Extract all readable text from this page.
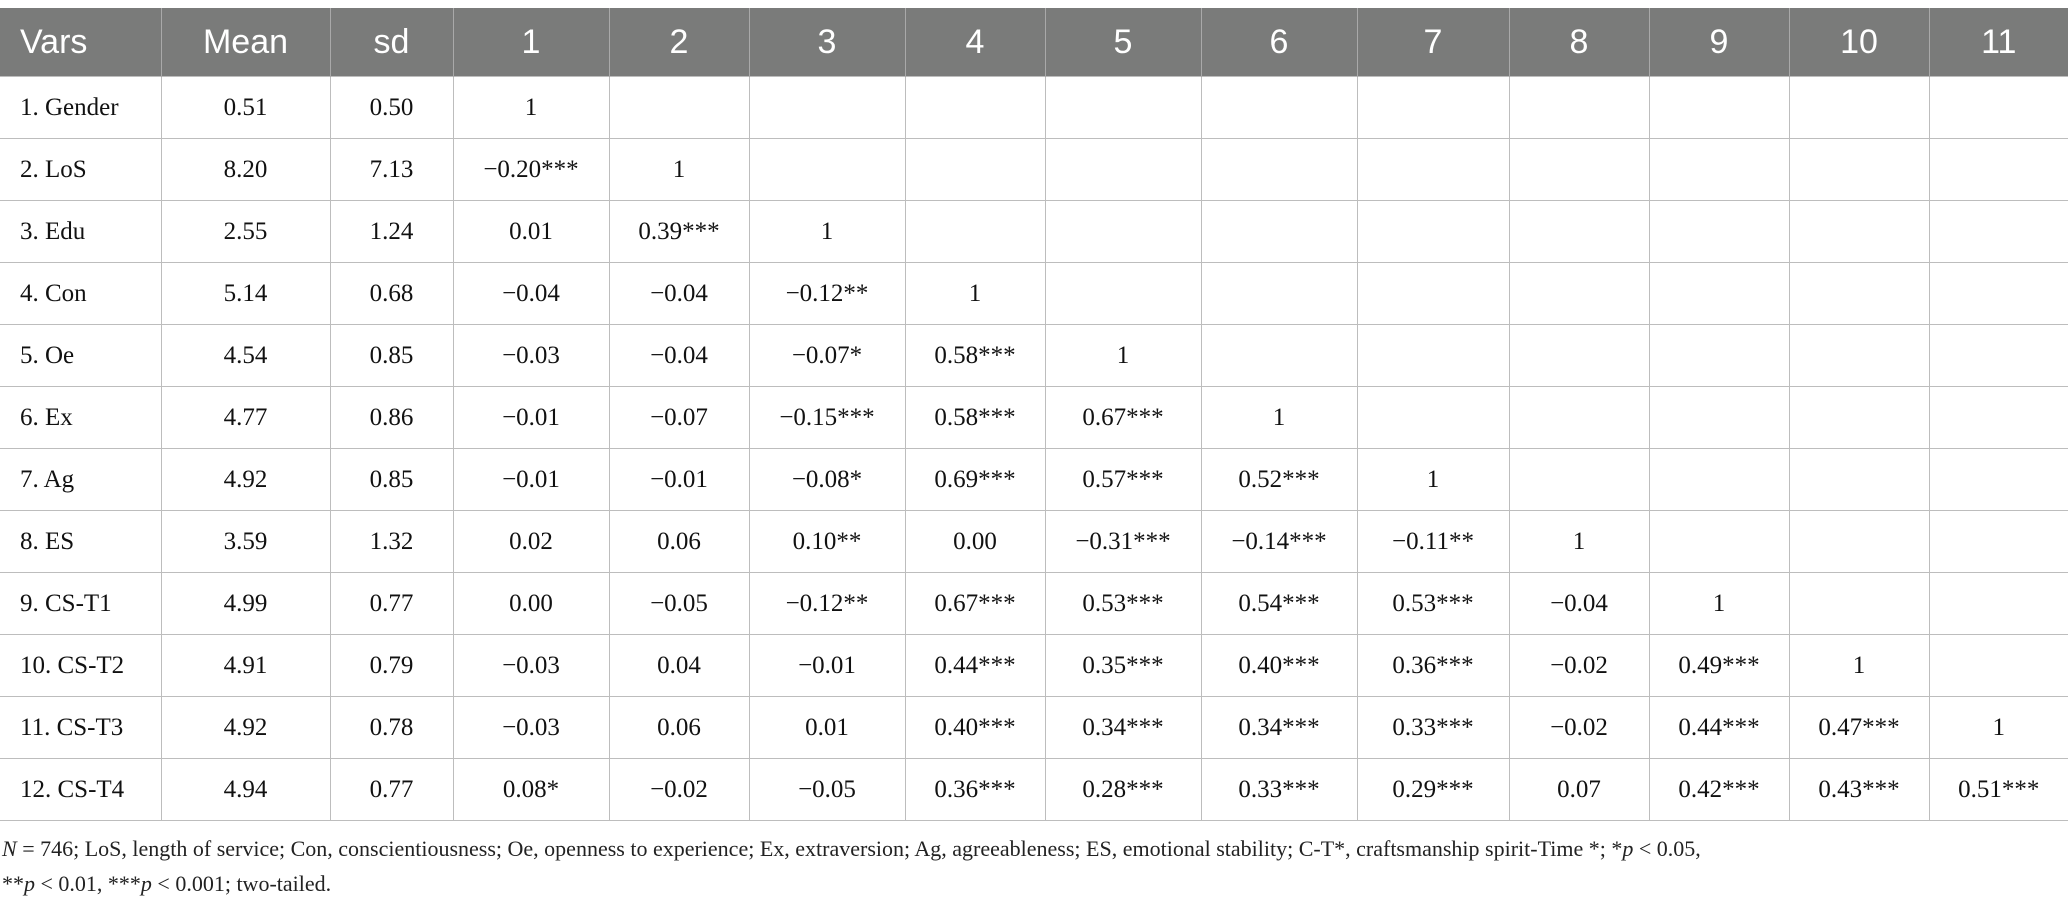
Vars	Mean	sd	1	2	3	4	5	6	7	8	9	10	11
1. Gender	0.51	0.50	1										
2. LoS	8.20	7.13	−0.20***	1									
3. Edu	2.55	1.24	0.01	0.39***	1								
4. Con	5.14	0.68	−0.04	−0.04	−0.12**	1							
5. Oe	4.54	0.85	−0.03	−0.04	−0.07*	0.58***	1						
6. Ex	4.77	0.86	−0.01	−0.07	−0.15***	0.58***	0.67***	1					
7. Ag	4.92	0.85	−0.01	−0.01	−0.08*	0.69***	0.57***	0.52***	1				
8. ES	3.59	1.32	0.02	0.06	0.10**	0.00	−0.31***	−0.14***	−0.11**	1			
9. CS-T1	4.99	0.77	0.00	−0.05	−0.12**	0.67***	0.53***	0.54***	0.53***	−0.04	1		
10. CS-T2	4.91	0.79	−0.03	0.04	−0.01	0.44***	0.35***	0.40***	0.36***	−0.02	0.49***	1	
11. CS-T3	4.92	0.78	−0.03	0.06	0.01	0.40***	0.34***	0.34***	0.33***	−0.02	0.44***	0.47***	1
12. CS-T4	4.94	0.77	0.08*	−0.02	−0.05	0.36***	0.28***	0.33***	0.29***	0.07	0.42***	0.43***	0.51***
N = 746; LoS, length of service; Con, conscientiousness; Oe, openness to experience; Ex, extraversion; Ag, agreeableness; ES, emotional stability; C-T*, craftsmanship spirit-Time *; *p < 0.05,
**p < 0.01, ***p < 0.001; two-tailed.
